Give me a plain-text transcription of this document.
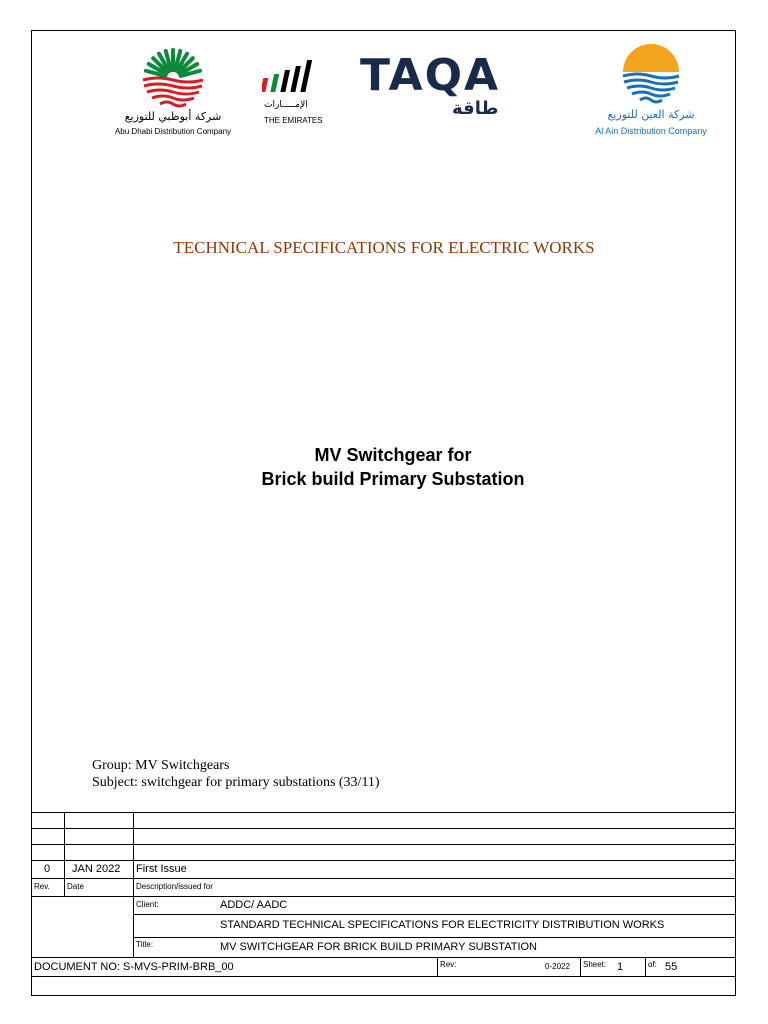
شركة أبوظبي للتوزيع
Abu Dhabi Distribution Company
الإمـــــارات
THE EMIRATES
TAQA
طاقة	شركة العين للتوزيع
Al Ain Distribution Company
TECHNICAL SPECIFICATIONS FOR ELECTRIC WORKS
MV Switchgear for
Brick build Primary Substation
Group: MV Switchgears
Subject: switchgear for primary substations (33/11)
0 JAN 2022 First Issue
Rev. Date	Description/issued for
Client:	ADDC/ AADC
STANDARD TECHNICAL SPECIFICATIONS FOR ELECTRICITY DISTRIBUTION WORKS
Title:	MV SWITCHGEAR FOR BRICK BUILD PRIMARY SUBSTATION
DOCUMENT NO: S-MVS-PRIM-BRB_00	Rev:	0-2022 Sheet: 1	of: 55
